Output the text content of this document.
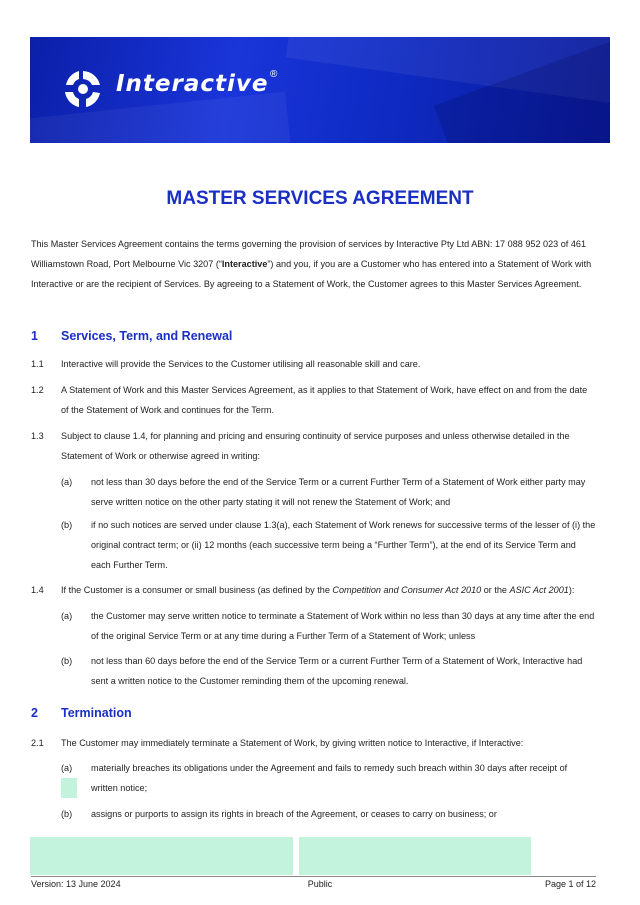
Interactive ®
MASTER SERVICES AGREEMENT
This Master Services Agreement contains the terms governing the provision of services by Interactive Pty Ltd ABN: 17 088 952 023 of 461 Williamstown Road, Port Melbourne Vic 3207 (“Interactive”) and you, if you are a Customer who has entered into a Statement of Work with Interactive or are the recipient of Services. By agreeing to a Statement of Work, the Customer agrees to this Master Services Agreement.
1 Services, Term, and Renewal
1.1 Interactive will provide the Services to the Customer utilising all reasonable skill and care.
1.2 A Statement of Work and this Master Services Agreement, as it applies to that Statement of Work, have effect on and from the date of the Statement of Work and continues for the Term.
1.3 Subject to clause 1.4, for planning and pricing and ensuring continuity of service purposes and unless otherwise detailed in the Statement of Work or otherwise agreed in writing:
(a) not less than 30 days before the end of the Service Term or a current Further Term of a Statement of Work either party may serve written notice on the other party stating it will not renew the Statement of Work; and
(b) if no such notices are served under clause 1.3(a), each Statement of Work renews for successive terms of the lesser of (i) the original contract term; or (ii) 12 months (each successive term being a “Further Term”), at the end of its Service Term and each Further Term.
1.4 If the Customer is a consumer or small business (as defined by the Competition and Consumer Act 2010 or the ASIC Act 2001):
(a) the Customer may serve written notice to terminate a Statement of Work within no less than 30 days at any time after the end of the original Service Term or at any time during a Further Term of a Statement of Work; unless
(b) not less than 60 days before the end of the Service Term or a current Further Term of a Statement of Work, Interactive had sent a written notice to the Customer reminding them of the upcoming renewal.
2 Termination
2.1 The Customer may immediately terminate a Statement of Work, by giving written notice to Interactive, if Interactive:
(a) materially breaches its obligations under the Agreement and fails to remedy such breach within 30 days after receipt of written notice;
(b) assigns or purports to assign its rights in breach of the Agreement, or ceases to carry on business; or
Version: 13 June 2024	Public	Page 1 of 12
